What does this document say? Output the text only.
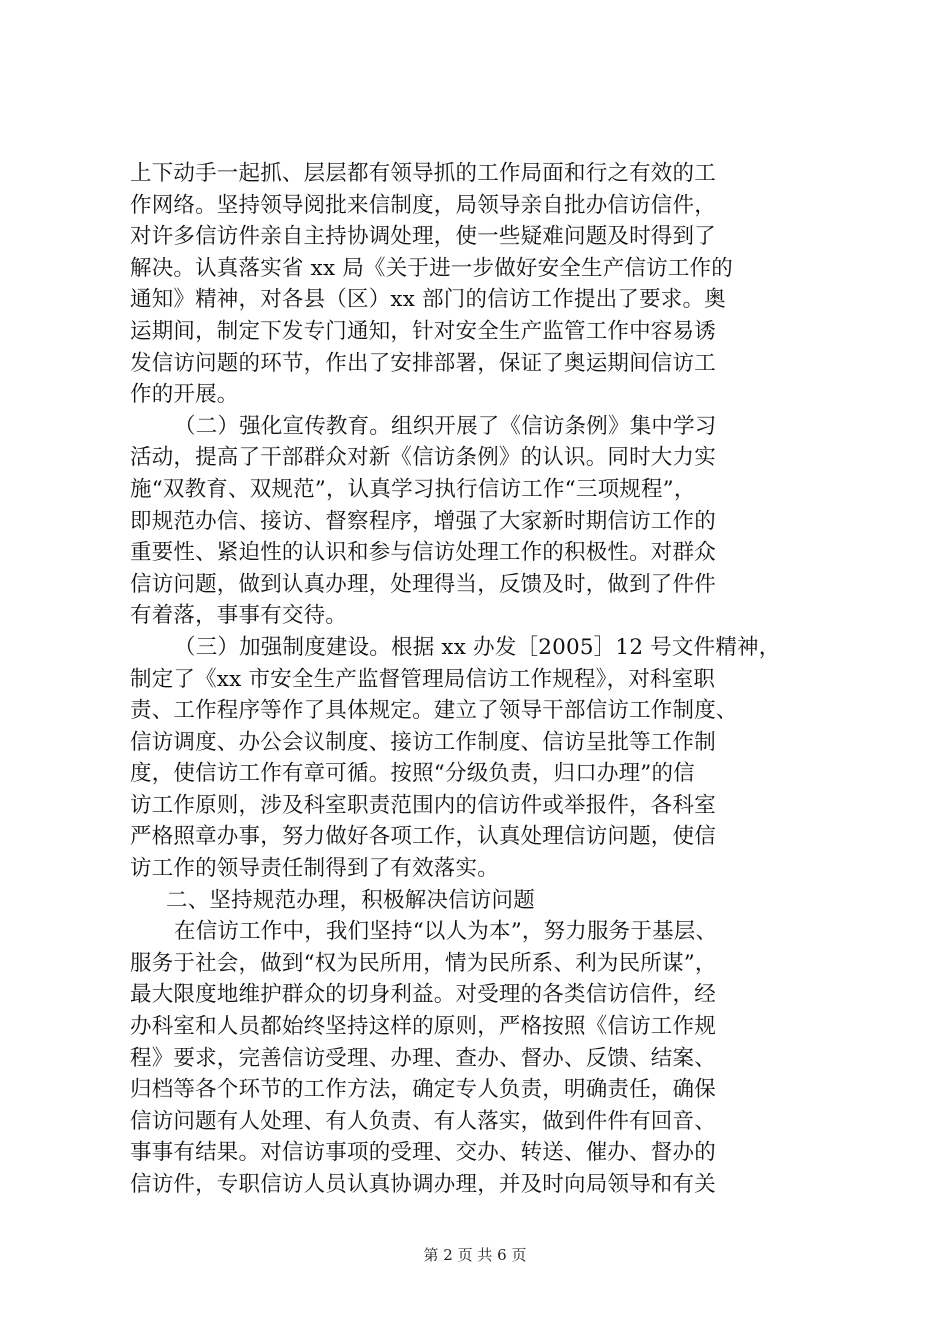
上下动手一起抓、层层都有领导抓的工作局面和行之有效的工
作网络。坚持领导阅批来信制度，局领导亲自批办信访信件，
对许多信访件亲自主持协调处理，使一些疑难问题及时得到了
解决。认真落实省 xx 局《关于进一步做好安全生产信访工作的
通知》精神，对各县（区）xx 部门的信访工作提出了要求。奥
运期间，制定下发专门通知，针对安全生产监管工作中容易诱
发信访问题的环节，作出了安排部署，保证了奥运期间信访工
作的开展。
（二）强化宣传教育。组织开展了《信访条例》集中学习
活动，提高了干部群众对新《信访条例》的认识。同时大力实
施“双教育、双规范”，认真学习执行信访工作“三项规程”，
即规范办信、接访、督察程序，增强了大家新时期信访工作的
重要性、紧迫性的认识和参与信访处理工作的积极性。对群众
信访问题，做到认真办理，处理得当，反馈及时，做到了件件
有着落，事事有交待。
（三）加强制度建设。根据 xx 办发［2005］12 号文件精神，
制定了《xx 市安全生产监督管理局信访工作规程》，对科室职
责、工作程序等作了具体规定。建立了领导干部信访工作制度、
信访调度、办公会议制度、接访工作制度、信访呈批等工作制
度，使信访工作有章可循。按照“分级负责，归口办理”的信
访工作原则，涉及科室职责范围内的信访件或举报件，各科室
严格照章办事，努力做好各项工作，认真处理信访问题，使信
访工作的领导责任制得到了有效落实。
二、坚持规范办理，积极解决信访问题
在信访工作中，我们坚持“以人为本”，努力服务于基层、
服务于社会，做到“权为民所用，情为民所系、利为民所谋”，
最大限度地维护群众的切身利益。对受理的各类信访信件，经
办科室和人员都始终坚持这样的原则，严格按照《信访工作规
程》要求，完善信访受理、办理、查办、督办、反馈、结案、
归档等各个环节的工作方法，确定专人负责，明确责任，确保
信访问题有人处理、有人负责、有人落实，做到件件有回音、
事事有结果。对信访事项的受理、交办、转送、催办、督办的
信访件，专职信访人员认真协调办理，并及时向局领导和有关
第 2 页 共 6 页
